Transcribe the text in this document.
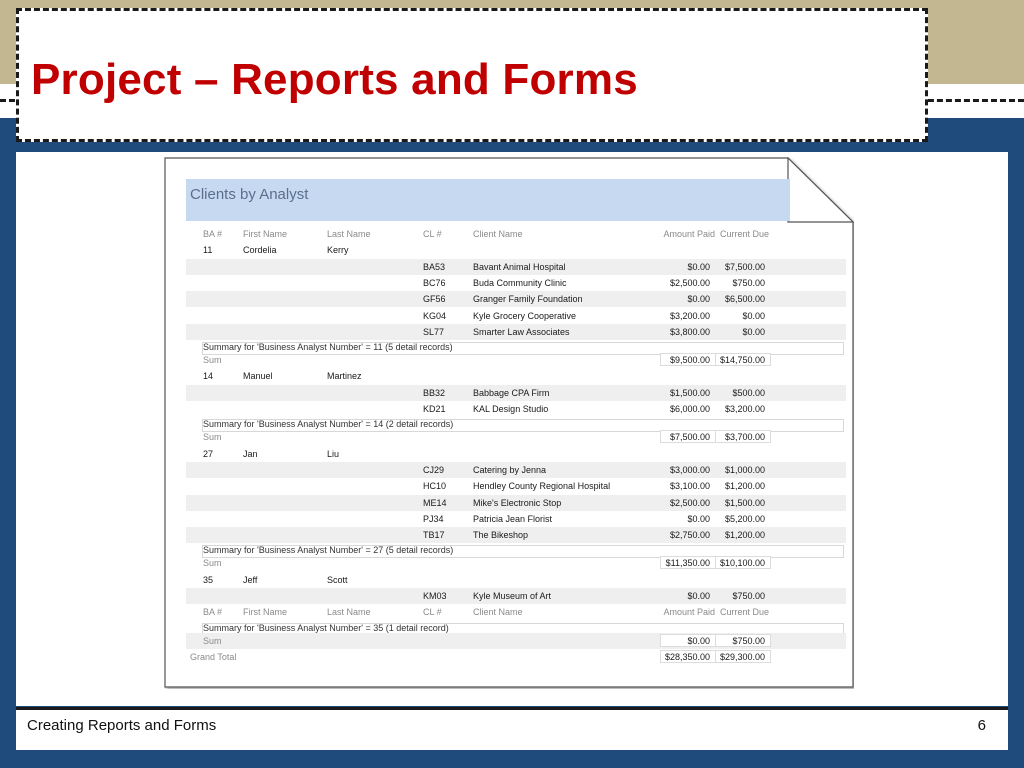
Project – Reports and Forms
Clients by Analyst
BA # First Name	Last Name	CL #	Client Name	Amount Paid Current Due
11	Cordelia	Kerry
BA53	Bavant Animal Hospital	$0.00 $7,500.00
BC76	Buda Community Clinic	$2,500.00 $750.00
GF56	Granger Family Foundation	$0.00 $6,500.00
KG04	Kyle Grocery Cooperative	$3,200.00	$0.00
SL77	Smarter Law Associates	$3,800.00	$0.00
Summary for 'Business Analyst Number' = 11 (5 detail records)
Sum	$9,500.00 $14,750.00
14	Manuel	Martinez
BB32	Babbage CPA Firm	$1,500.00 $500.00
KD21	KAL Design Studio	$6,000.00 $3,200.00
Summary for 'Business Analyst Number' = 14 (2 detail records)
Sum	$7,500.00 $3,700.00
27	Jan	Liu
CJ29	Catering by Jenna	$3,000.00 $1,000.00
HC10	Hendley County Regional Hospital	$3,100.00 $1,200.00
ME14	Mike's Electronic Stop	$2,500.00 $1,500.00
PJ34	Patricia Jean Florist	$0.00 $5,200.00
TB17	The Bikeshop	$2,750.00 $1,200.00
Summary for 'Business Analyst Number' = 27 (5 detail records)
Sum	$11,350.00 $10,100.00
35	Jeff	Scott
KM03	Kyle Museum of Art	$0.00 $750.00
BA # First Name	Last Name	CL #	Client Name	Amount Paid Current Due
Summary for 'Business Analyst Number' = 35 (1 detail record)
Sum	$0.00 $750.00
Grand Total	$28,350.00 $29,300.00
Creating Reports and Forms	6
